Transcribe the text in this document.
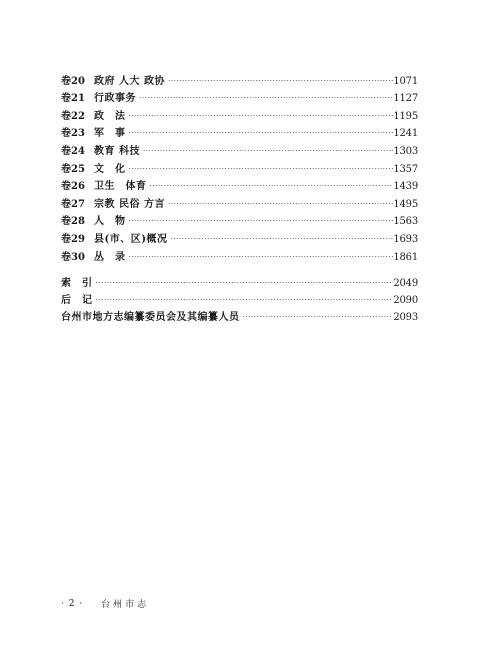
卷20 政府 人大 政协 ·····	1071
卷21 行政事务 ·····	1127
卷22 政　法 ·····	1195
卷23 军　事 ·····	1241
卷24 教育 科技 ·····	1303
卷25 文　化 ·····	1357
卷26 卫生　体育 ·····	1439
卷27 宗教 民俗 方言 ·····	1495
卷28 人　物 ·····	1563
卷29 县(市、区)概况 ·····	1693
卷30 丛　录 ·····	1861
索　引 ·····	2049
后　记 ·····	2090
台州市地方志编纂委员会及其编纂人员 ·····	2093
· 2 · 台州市志
